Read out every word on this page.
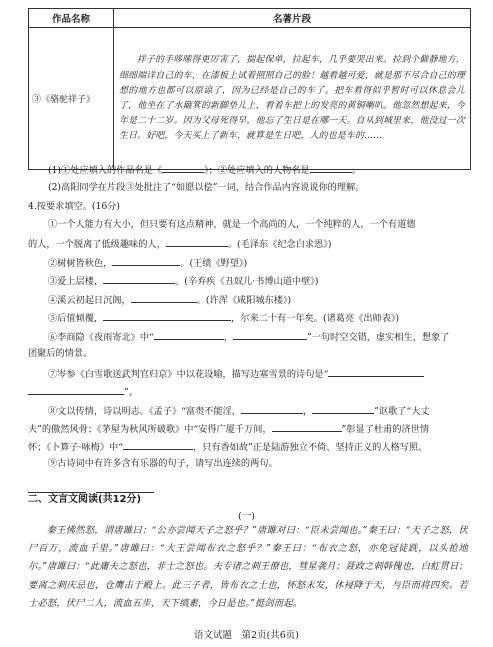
作品名称	名著片段
③《骆驼祥子》	祥子的手哆嗦得更厉害了，揣起保单，拉起车，几乎要哭出来。拉到个僻静地方，细细端详自己的车，在漆板上试着照照自己的脸！越看越可爱，就是那不尽合自己的理想的地方也都可以原谅了，因为已经是自己的车了。把车看得似乎暂时可以休息会儿了，他坐在了水簸箕的新脚垫儿上，看着车把上的发亮的黄铜喇叭。他忽然想起来，今年是二十二岁。因为父母死得早，他忘了生日是在哪一天。自从到城里来，他没过一次生日。好吧，今天买上了新车，就算是生日吧，人的也是车的……

(1)①处应填入的作品名是《	》；②处应填入的人物名是	。
(2)高阳同学在片段③处批注了“如愿以偿”一词，结合作品内容说说你的理解。
4.按要求填空。(16分)
①一个人能力有大小，但只要有这点精神，就是一个高尚的人，一个纯粹的人，一个有道德
的人，一个脱离了低级趣味的人，	。(毛泽东《纪念白求恩》)
②树树皆秋色，	。(王绩《野望》)
③爱上层楼，	。(辛弃疾《丑奴儿·书博山道中壁》)
④溪云初起日沉阁，	。(许浑《咸阳城东楼》)
⑤后值倾覆，	，尔来二十有一年矣。(诸葛亮《出师表》)
⑥李商隐《夜雨寄北》中“	，	”一句时空交错，虚实相生，想象了
团聚后的情景。
⑦岑参《白雪歌送武判官归京》中以花设喻，描写边塞雪景的诗句是“
”。
⑧文以传情，诗以明志。《孟子》“富贵不能淫，	，	”讴歌了“大丈
夫”的傲然风骨；《茅屋为秋风所破歌》中“安得广厦千万间，	”彰显了杜甫的济世情
怀；《卜算子·咏梅》中“	，只有香如故”正是陆游独立不倚、坚持正义的人格写照。
⑨古诗词中有许多含有乐器的句子，请写出连续的两句。
二、文言文阅读(共12分)
(一)

秦王怫然怒，谓唐雎曰：“公亦尝闻天子之怒乎？”唐雎对曰：“臣未尝闻也。”秦王曰：“天子之怒，伏尸百万，流血千里。”唐雎曰：“大王尝闻布衣之怒乎？”秦王曰：“布衣之怒，亦免冠徒跣，以头抢地尔。”唐雎曰：“此庸夫之怒也，非士之怒也。夫专诸之刺王僚也，彗星袭月；聂政之刺韩傀也，白虹贯日；要离之刺庆忌也，仓鹰击于殿上。此三子者，皆布衣之士也，怀怒未发，休祲降于天，与臣而将四矣。若士必怒，伏尸二人，流血五步，天下缟素，今日是也。”挺剑而起。

语文试题　第2页(共6页)
